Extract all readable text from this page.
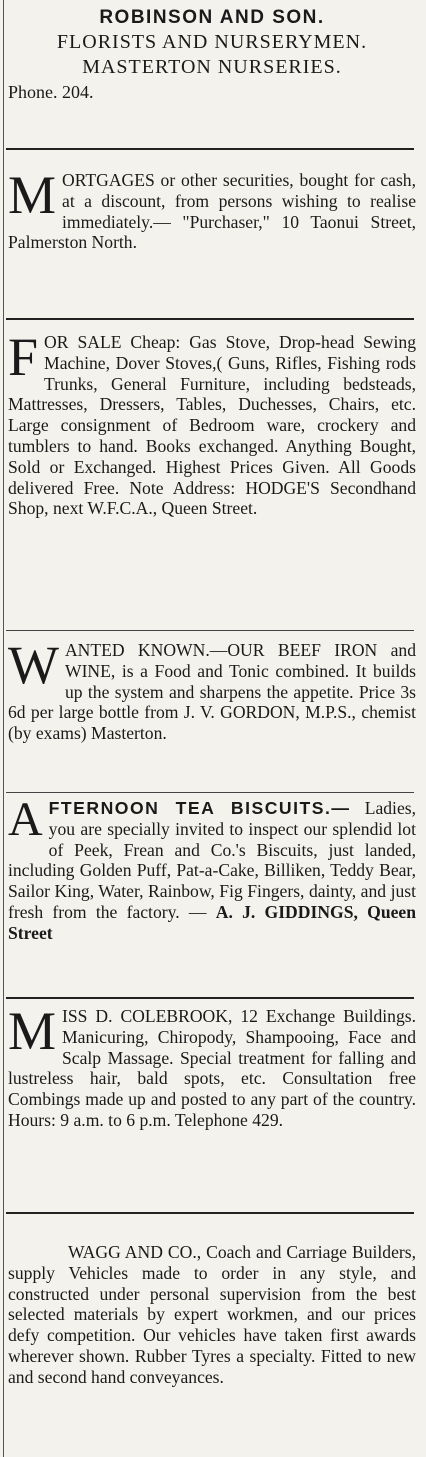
ROBINSON AND SON.
FLORISTS AND NURSERYMEN.
MASTERTON NURSERIES.
Phone. 204.

MORTGAGES or other securities, bought for cash, at a discount, from persons wishing to realise immediately.— "Purchaser," 10 Taonui Street, Palmerston North.

FOR SALE Cheap: Gas Stove, Drop-head Sewing Machine, Dover Stoves,( Guns, Rifles, Fishing rods Trunks, General Furniture, including bedsteads, Mattresses, Dressers, Tables, Duchesses, Chairs, etc. Large consignment of Bedroom ware, crockery and tumblers to hand. Books exchanged. Anything Bought, Sold or Exchanged. Highest Prices Given. All Goods delivered Free. Note Address: HODGE'S Secondhand Shop, next W.F.C.A., Queen Street.

WANTED KNOWN.—OUR BEEF IRON and WINE, is a Food and Tonic combined. It builds up the system and sharpens the appetite. Price 3s 6d per large bottle from J. V. GORDON, M.P.S., chemist (by exams) Masterton.

AFTERNOON TEA BISCUITS.— Ladies, you are specially invited to inspect our splendid lot of Peek, Frean and Co.'s Biscuits, just landed, including Golden Puff, Pat-a-Cake, Billiken, Teddy Bear, Sailor King, Water, Rainbow, Fig Fingers, dainty, and just fresh from the factory. — A. J. GIDDINGS, Queen Street

MISS D. COLEBROOK, 12 Exchange Buildings. Manicuring, Chiropody, Shampooing, Face and Scalp Massage. Special treatment for falling and lustreless hair, bald spots, etc. Consultation free Combings made up and posted to any part of the country. Hours: 9 a.m. to 6 p.m. Telephone 429.

WAGG AND CO., Coach and Carriage Builders, supply Vehicles made to order in any style, and constructed under personal supervision from the best selected materials by expert workmen, and our prices defy competition. Our vehicles have taken first awards wherever shown. Rubber Tyres a specialty. Fitted to new and second hand conveyances.
